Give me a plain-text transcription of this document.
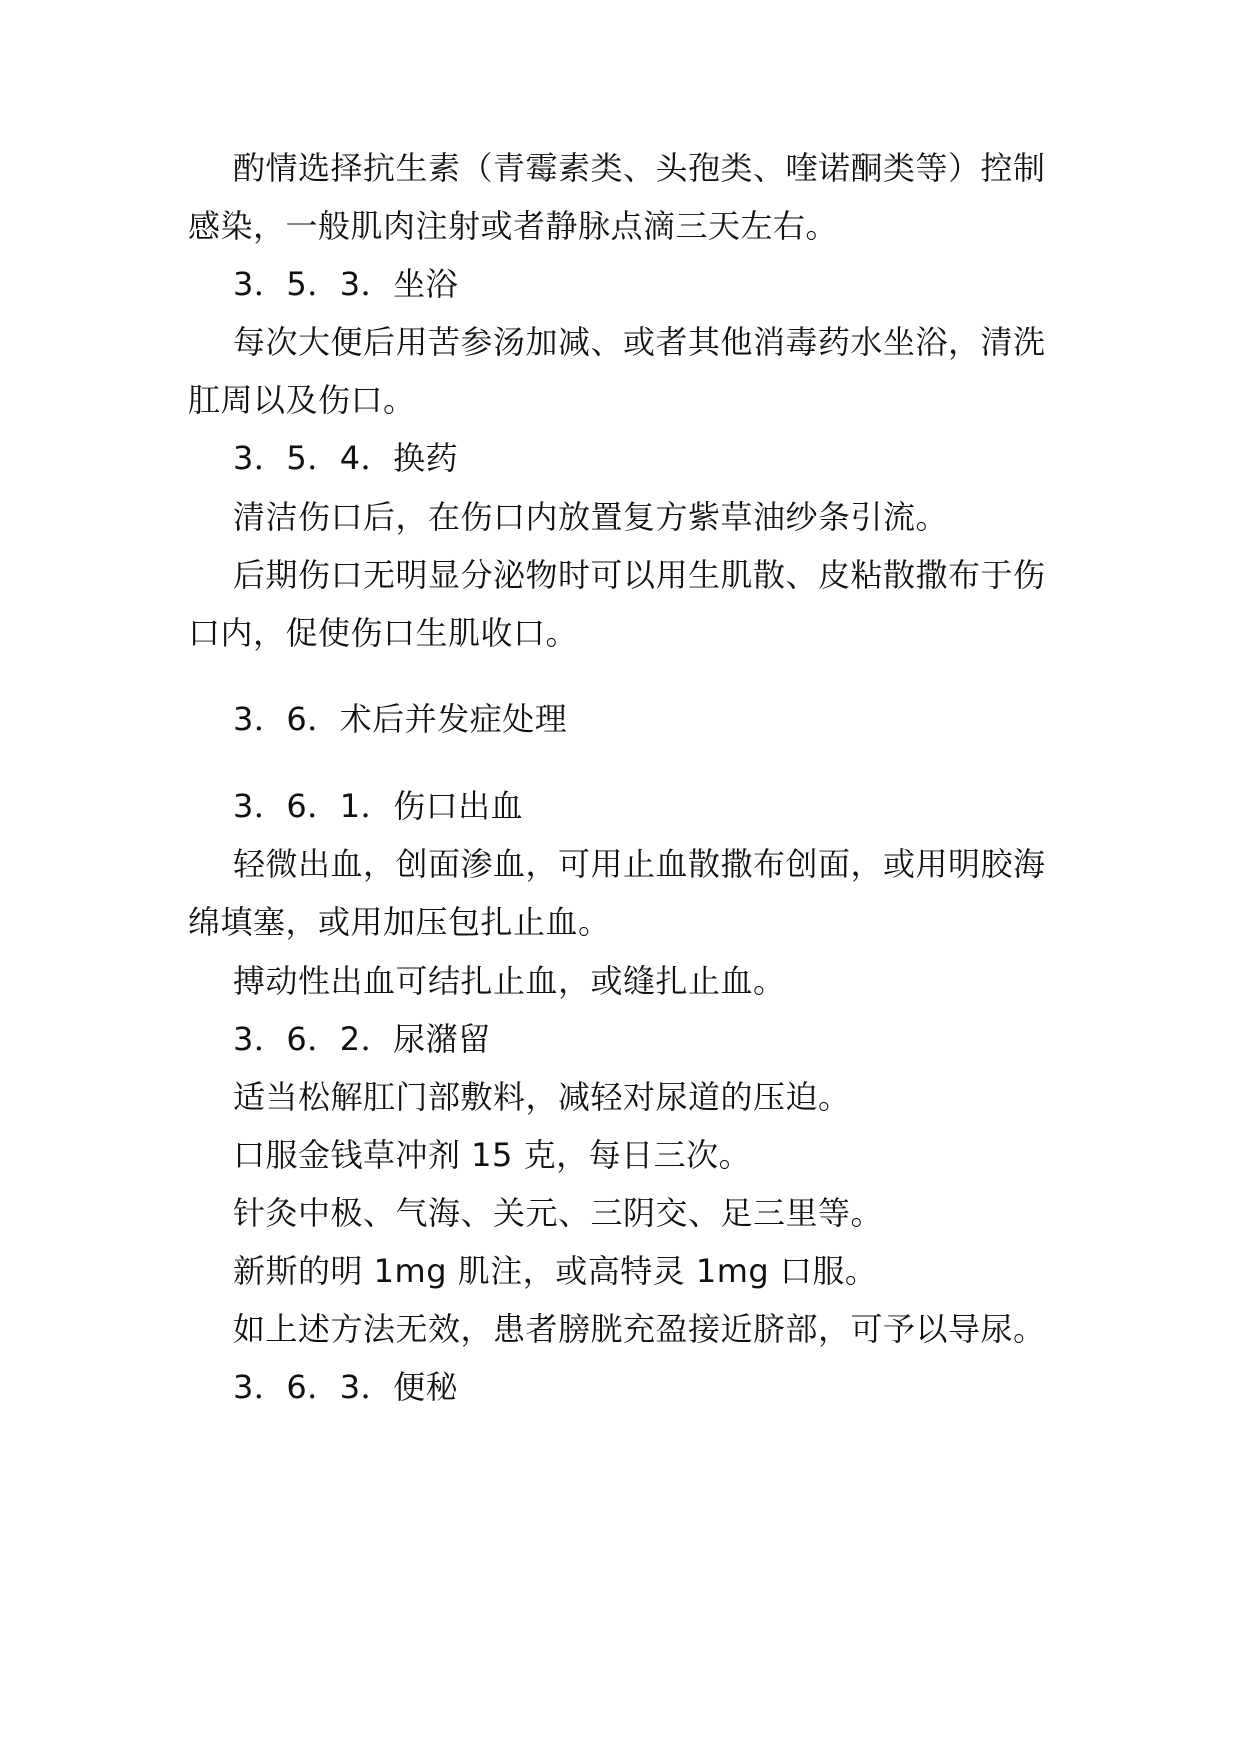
酌情选择抗生素（青霉素类、头孢类、喹诺酮类等）控制
感染，一般肌肉注射或者静脉点滴三天左右。
3．5．3．坐浴
每次大便后用苦参汤加减、或者其他消毒药水坐浴，清洗
肛周以及伤口。
3．5．4．换药
清洁伤口后，在伤口内放置复方紫草油纱条引流。
后期伤口无明显分泌物时可以用生肌散、皮粘散撒布于伤
口内，促使伤口生肌收口。
3．6．术后并发症处理
3．6．1．伤口出血
轻微出血，创面渗血，可用止血散撒布创面，或用明胶海
绵填塞，或用加压包扎止血。
搏动性出血可结扎止血，或缝扎止血。
3．6．2．尿潴留
适当松解肛门部敷料，减轻对尿道的压迫。
口服金钱草冲剂 15 克，每日三次。
针灸中极、气海、关元、三阴交、足三里等。
新斯的明 1mg 肌注，或高特灵 1mg 口服。
如上述方法无效，患者膀胱充盈接近脐部，可予以导尿。
3．6．3．便秘
